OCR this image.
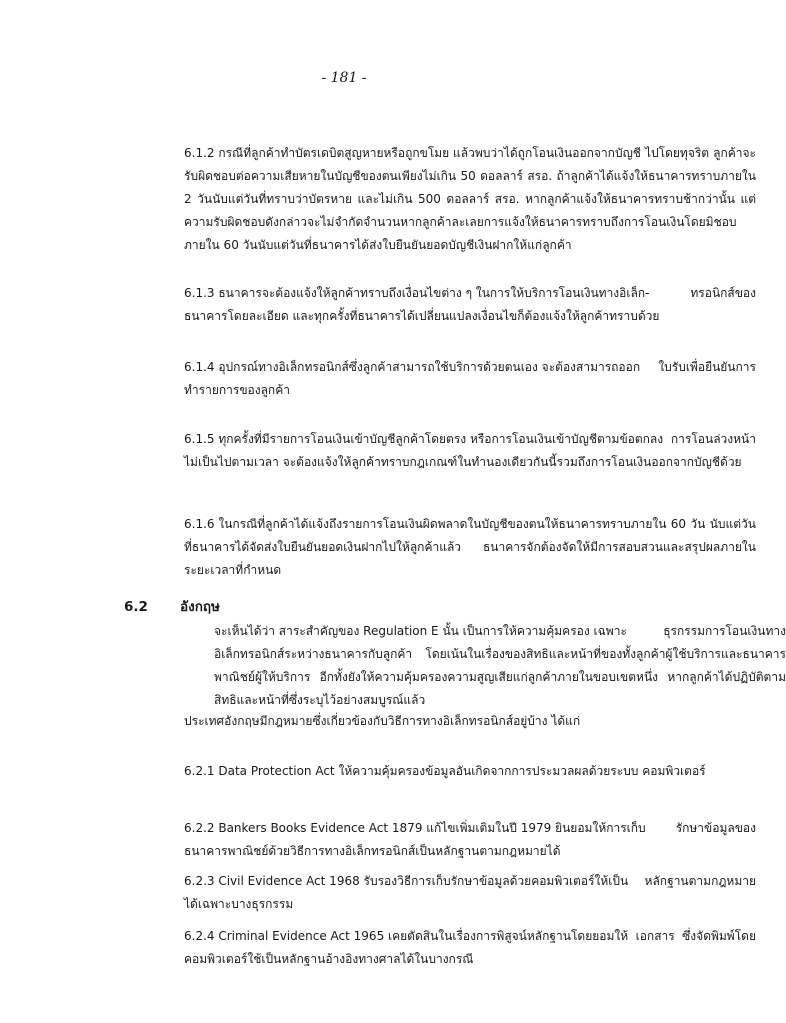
- 181 -
6.1.2 กรณีที่ลูกค้าทำบัตรเดบิตสูญหายหรือถูกขโมย แล้วพบว่าได้ถูกโอนเงินออกจากบัญชี ไปโดยทุจริต ลูกค้าจะรับผิดชอบต่อความเสียหายในบัญชีของตนเพียงไม่เกิน 50 ดอลลาร์ สรอ. ถ้าลูกค้าได้แจ้งให้ธนาคารทราบภายใน 2 วันนับแต่วันที่ทราบว่าบัตรหาย และไม่เกิน 500 ดอลลาร์ สรอ. หากลูกค้าแจ้งให้ธนาคารทราบช้ากว่านั้น แต่ความรับผิดชอบดังกล่าวจะไม่จำกัดจำนวนหากลูกค้าละเลยการแจ้งให้ธนาคารทราบถึงการโอนเงินโดยมิชอบภายใน 60 วันนับแต่วันที่ธนาคารได้ส่งใบยืนยันยอดบัญชีเงินฝากให้แก่ลูกค้า
6.1.3 ธนาคารจะต้องแจ้งให้ลูกค้าทราบถึงเงื่อนไขต่าง ๆ ในการให้บริการโอนเงินทางอิเล็ก-	ทรอนิกส์ของธนาคารโดยละเอียด และทุกครั้งที่ธนาคารได้เปลี่ยนแปลงเงื่อนไขก็ต้องแจ้งให้ลูกค้าทราบด้วย
6.1.4 อุปกรณ์ทางอิเล็กทรอนิกส์ซึ่งลูกค้าสามารถใช้บริการด้วยตนเอง จะต้องสามารถออก ใบรับเพื่อยืนยันการทำรายการของลูกค้า
6.1.5 ทุกครั้งที่มีรายการโอนเงินเข้าบัญชีลูกค้าโดยตรง หรือการโอนเงินเข้าบัญชีตามข้อตกลง การโอนล่วงหน้าไม่เป็นไปตามเวลา จะต้องแจ้งให้ลูกค้าทราบกฎเกณฑ์ในทำนองเดียวกันนี้รวมถึงการโอนเงินออกจากบัญชีด้วย
6.1.6 ในกรณีที่ลูกค้าได้แจ้งถึงรายการโอนเงินผิดพลาดในบัญชีของตนให้ธนาคารทราบภายใน 60 วัน นับแต่วันที่ธนาคารได้จัดส่งใบยืนยันยอดเงินฝากไปให้ลูกค้าแล้ว ธนาคารจักต้องจัดให้มีการสอบสวนและสรุปผลภายในระยะเวลาที่กำหนด
จะเห็นได้ว่า สาระสำคัญของ Regulation E นั้น เป็นการให้ความคุ้มครอง เฉพาะ	ธุรกรรมการโอนเงินทางอิเล็กทรอนิกส์ระหว่างธนาคารกับลูกค้า โดยเน้นในเรื่องของสิทธิและหน้าที่ของทั้งลูกค้าผู้ใช้บริการและธนาคารพาณิชย์ผู้ให้บริการ อีกทั้งยังให้ความคุ้มครองความสูญเสียแก่ลูกค้าภายในขอบเขตหนึ่ง หากลูกค้าได้ปฏิบัติตามสิทธิและหน้าที่ซึ่งระบุไว้อย่างสมบูรณ์แล้ว
6.2 อังกฤษ
ประเทศอังกฤษมีกฎหมายซึ่งเกี่ยวข้องกับวิธีการทางอิเล็กทรอนิกส์อยู่บ้าง ได้แก่
6.2.1 Data Protection Act ให้ความคุ้มครองข้อมูลอันเกิดจากการประมวลผลด้วยระบบ คอมพิวเตอร์
6.2.2 Bankers Books Evidence Act 1879 แก้ไขเพิ่มเติมในปี 1979 ยินยอมให้การเก็บ	รักษาข้อมูลของธนาคารพาณิชย์ด้วยวิธีการทางอิเล็กทรอนิกส์เป็นหลักฐานตามกฎหมายได้
6.2.3 Civil Evidence Act 1968 รับรองวิธีการเก็บรักษาข้อมูลด้วยคอมพิวเตอร์ให้เป็น หลักฐานตามกฎหมายได้เฉพาะบางธุรกรรม
6.2.4 Criminal Evidence Act 1965 เคยตัดสินในเรื่องการพิสูจน์หลักฐานโดยยอมให้ เอกสาร ซึ่งจัดพิมพ์โดยคอมพิวเตอร์ใช้เป็นหลักฐานอ้างอิงทางศาลได้ในบางกรณี
